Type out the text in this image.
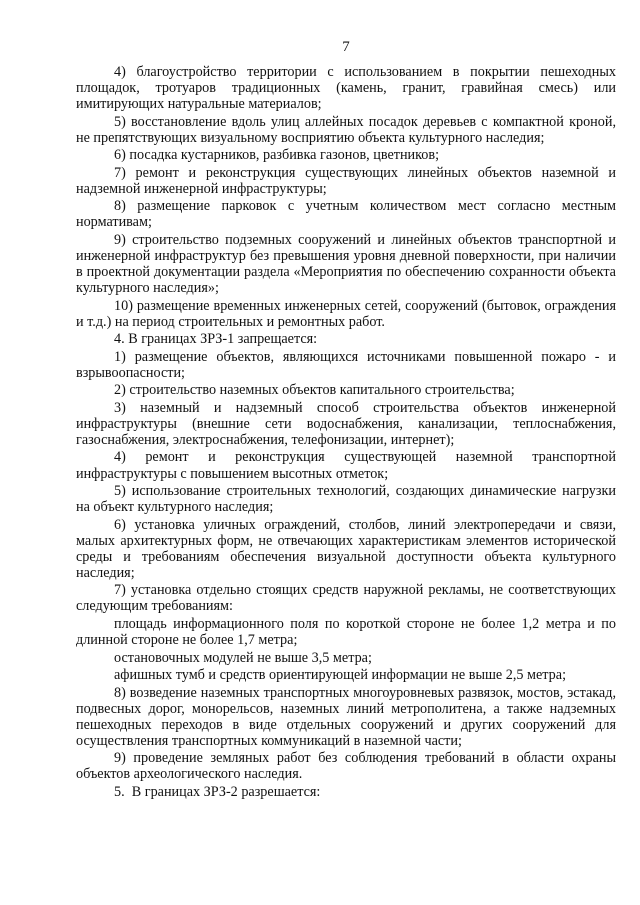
7

4) благоустройство территории с использованием в покрытии пешеходных площадок, тротуаров традиционных (камень, гранит, гравийная смесь) или имитирующих натуральные материалов;

5) восстановление вдоль улиц аллейных посадок деревьев с компактной кроной, не препятствующих визуальному восприятию объекта культурного наследия;

6) посадка кустарников, разбивка газонов, цветников;

7) ремонт и реконструкция существующих линейных объектов наземной и надземной инженерной инфраструктуры;

8) размещение парковок с учетным количеством мест согласно местным нормативам;

9) строительство подземных сооружений и линейных объектов транспортной и инженерной инфраструктур без превышения уровня дневной поверхности, при наличии в проектной документации раздела «Мероприятия по обеспечению сохранности объекта культурного наследия»;

10) размещение временных инженерных сетей, сооружений (бытовок, ограждения и т.д.) на период строительных и ремонтных работ.

4. В границах ЗРЗ-1 запрещается:

1) размещение объектов, являющихся источниками повышенной пожаро - и взрывоопасности;

2) строительство наземных объектов капитального строительства;

3) наземный и надземный способ строительства объектов инженерной инфраструктуры (внешние сети водоснабжения, канализации, теплоснабжения, газоснабжения, электроснабжения, телефонизации, интернет);

4) ремонт и реконструкция существующей наземной транспортной инфраструктуры с повышением высотных отметок;

5) использование строительных технологий, создающих динамические нагрузки на объект культурного наследия;

6) установка уличных ограждений, столбов, линий электропередачи и связи, малых архитектурных форм, не отвечающих характеристикам элементов исторической среды и требованиям обеспечения визуальной доступности объекта культурного наследия;

7) установка отдельно стоящих средств наружной рекламы, не соответствующих следующим требованиям:

площадь информационного поля по короткой стороне не более 1,2 метра и по длинной стороне не более 1,7 метра;

остановочных модулей не выше 3,5 метра;

афишных тумб и средств ориентирующей информации не выше 2,5 метра;

8) возведение наземных транспортных многоуровневых развязок, мостов, эстакад, подвесных дорог, монорельсов, наземных линий метрополитена, а также надземных пешеходных переходов в виде отдельных сооружений и других сооружений для осуществления транспортных коммуникаций в наземной части;

9) проведение земляных работ без соблюдения требований в области охраны объектов археологического наследия.

5.  В границах ЗРЗ-2 разрешается:
